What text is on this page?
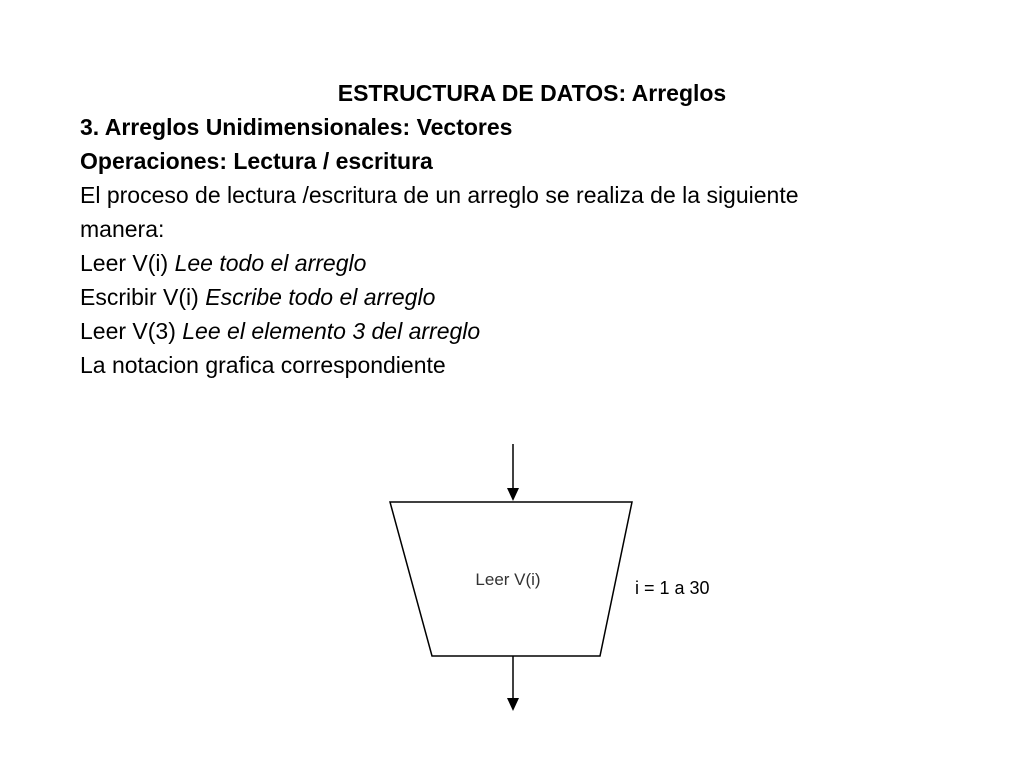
ESTRUCTURA DE DATOS: Arreglos
3. Arreglos Unidimensionales: Vectores
Operaciones: Lectura / escritura
El proceso de lectura /escritura de un arreglo se realiza de la siguiente
manera:
Leer V(i) Lee todo el arreglo
Escribir V(i) Escribe todo el arreglo
Leer V(3) Lee el elemento 3 del arreglo
La notacion grafica correspondiente
Leer V(i)	i = 1 a 30
